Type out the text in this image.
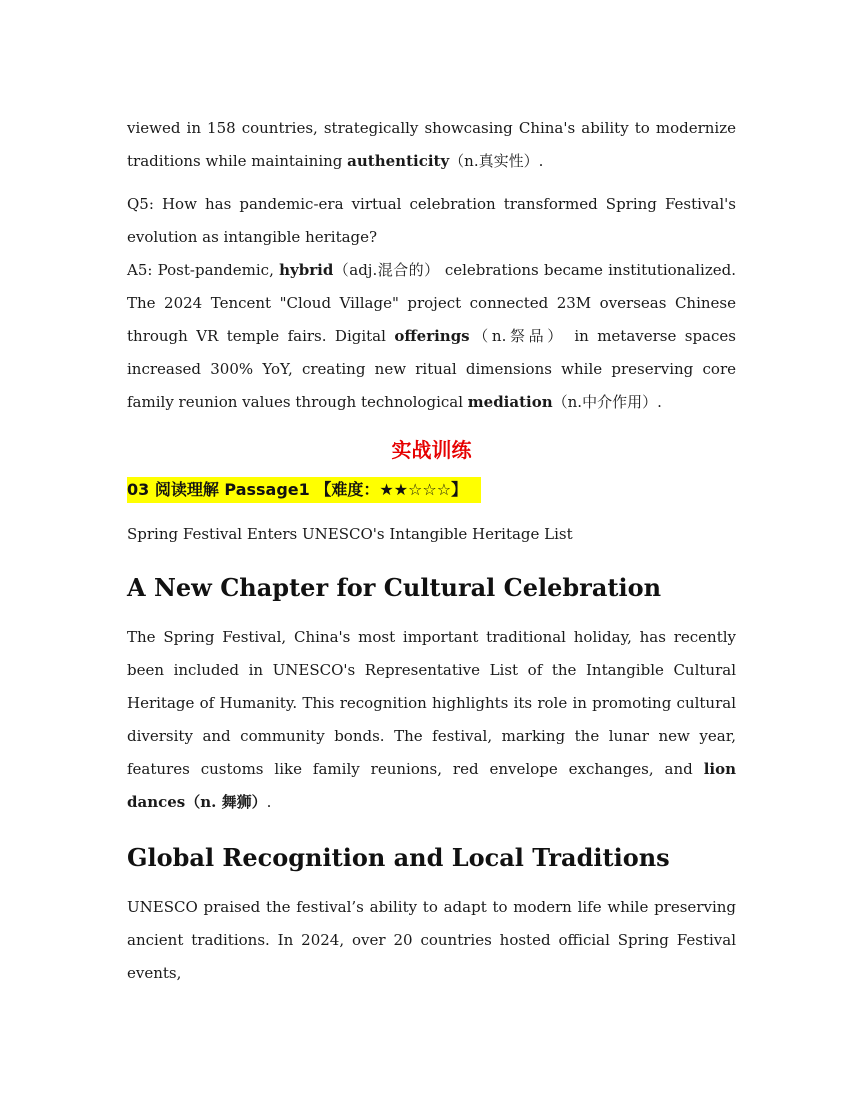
viewed in 158 countries, strategically showcasing China's ability to modernize traditions while maintaining authenticity（n.真实性）.

Q5: How has pandemic-era virtual celebration transformed Spring Festival's evolution as intangible heritage?

A5: Post-pandemic, hybrid（adj.混合的） celebrations became institutionalized. The 2024 Tencent "Cloud Village" project connected 23M overseas Chinese through VR temple fairs. Digital offerings（n.祭品） in metaverse spaces increased 300% YoY, creating new ritual dimensions while preserving core family reunion values through technological mediation（n.中介作用）.

实战训练
03 阅读理解 Passage1 【难度：★★☆☆☆】
Spring Festival Enters UNESCO's Intangible Heritage List
A New Chapter for Cultural Celebration

The Spring Festival, China's most important traditional holiday, has recently been included in UNESCO's Representative List of the Intangible Cultural Heritage of Humanity. This recognition highlights its role in promoting cultural diversity and community bonds. The festival, marking the lunar new year, features customs like family reunions, red envelope exchanges, and lion dances（n. 舞狮）.

Global Recognition and Local Traditions

UNESCO praised the festival’s ability to adapt to modern life while preserving ancient traditions. In 2024, over 20 countries hosted official Spring Festival events,
